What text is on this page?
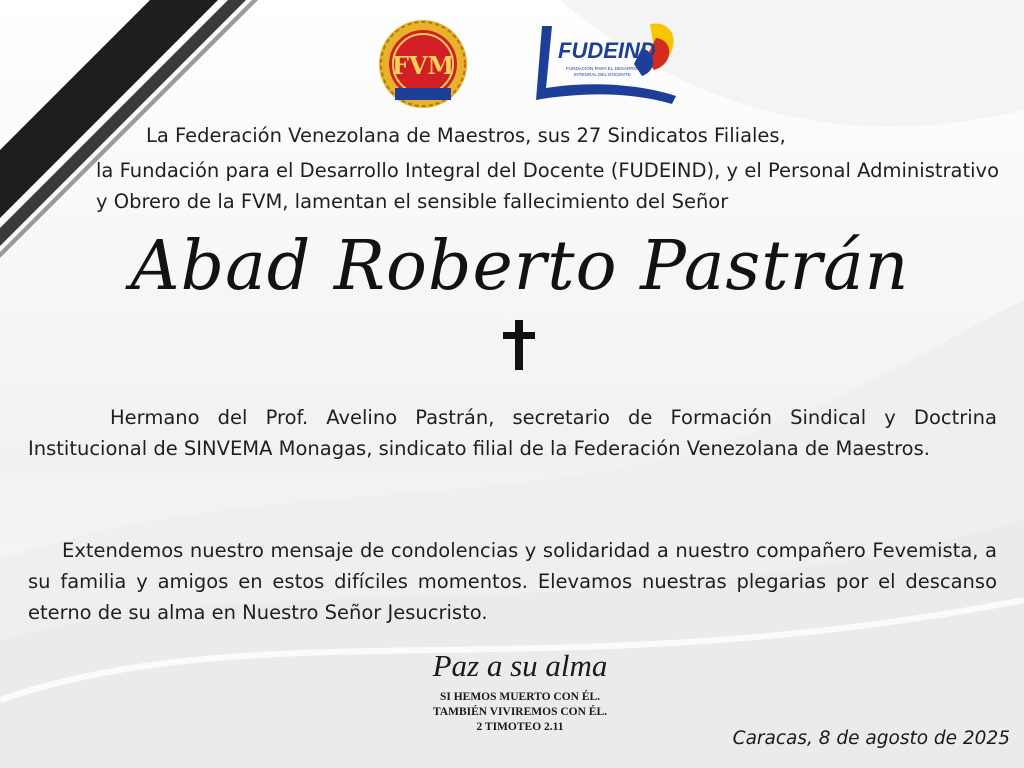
FVM
FUDEIND
FUNDACIÓN PARA EL DESARROLLO
INTEGRAL DEL DOCENTE

La Federación Venezolana de Maestros, sus 27 Sindicatos Filiales,

la Fundación para el Desarrollo Integral del Docente (FUDEIND), y el Personal Administrativo y Obrero de la FVM, lamentan el sensible fallecimiento del Señor

Abad Roberto Pastrán

Hermano del Prof. Avelino Pastrán, secretario de Formación Sindical y Doctrina Institucional de SINVEMA Monagas, sindicato filial de la Federación Venezolana de Maestros.

Extendemos nuestro mensaje de condolencias y solidaridad a nuestro compañero Fevemista, a su familia y amigos en estos difíciles momentos. Elevamos nuestras plegarias por el descanso eterno de su alma en Nuestro Señor Jesucristo.

Paz a su alma

SI HEMOS MUERTO CON ÉL.
TAMBIÉN VIVIREMOS CON ÉL.
2 TIMOTEO 2.11
Caracas, 8 de agosto de 2025
